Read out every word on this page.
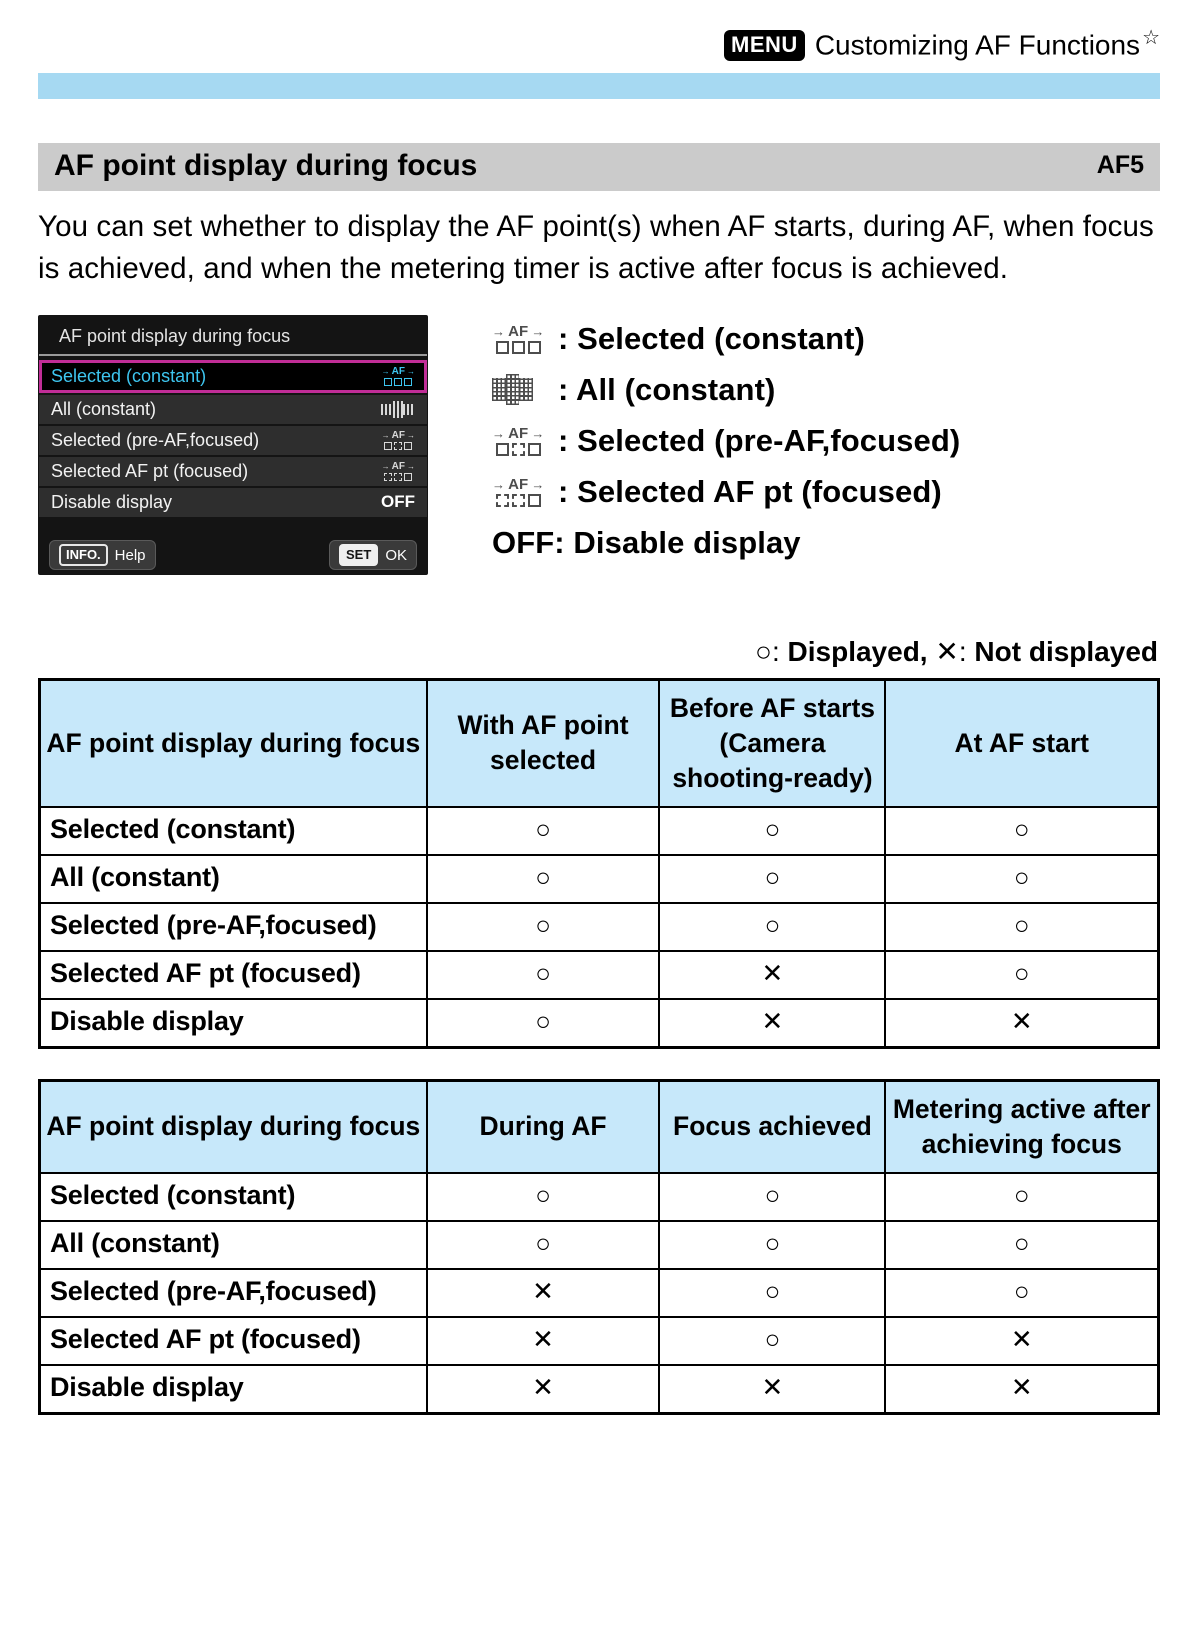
MENU Customizing AF Functions ☆
AF point display during focus	AF5

You can set whether to display the AF point(s) when AF starts, during AF, when focus is achieved, and when the metering timer is active after focus is achieved.

AF point display during focus
Selected (constant)	→ AF →
All (constant)
Selected (pre-AF,focused)	→ AF →
Selected AF pt (focused)	→ AF →
Disable display	OFF
INFO. Help	SET OK
→ AF → : Selected (constant)
: All (constant)
→ AF → : Selected (pre-AF,focused)
→ AF → : Selected AF pt (focused)
OFF : Disable display
○: Displayed, ✕: Not displayed
AF point display during focus	With AF point selected	Before AF starts (Camera shooting-ready)	At AF start
Selected (constant)	○	○	○
All (constant)	○	○	○
Selected (pre-AF,focused)	○	○	○
Selected AF pt (focused)	○	✕	○
Disable display	○	✕	✕
AF point display during focus	During AF	Focus achieved	Metering active after achieving focus
Selected (constant)	○	○	○
All (constant)	○	○	○
Selected (pre-AF,focused)	✕	○	○
Selected AF pt (focused)	✕	○	✕
Disable display	✕	✕	✕
